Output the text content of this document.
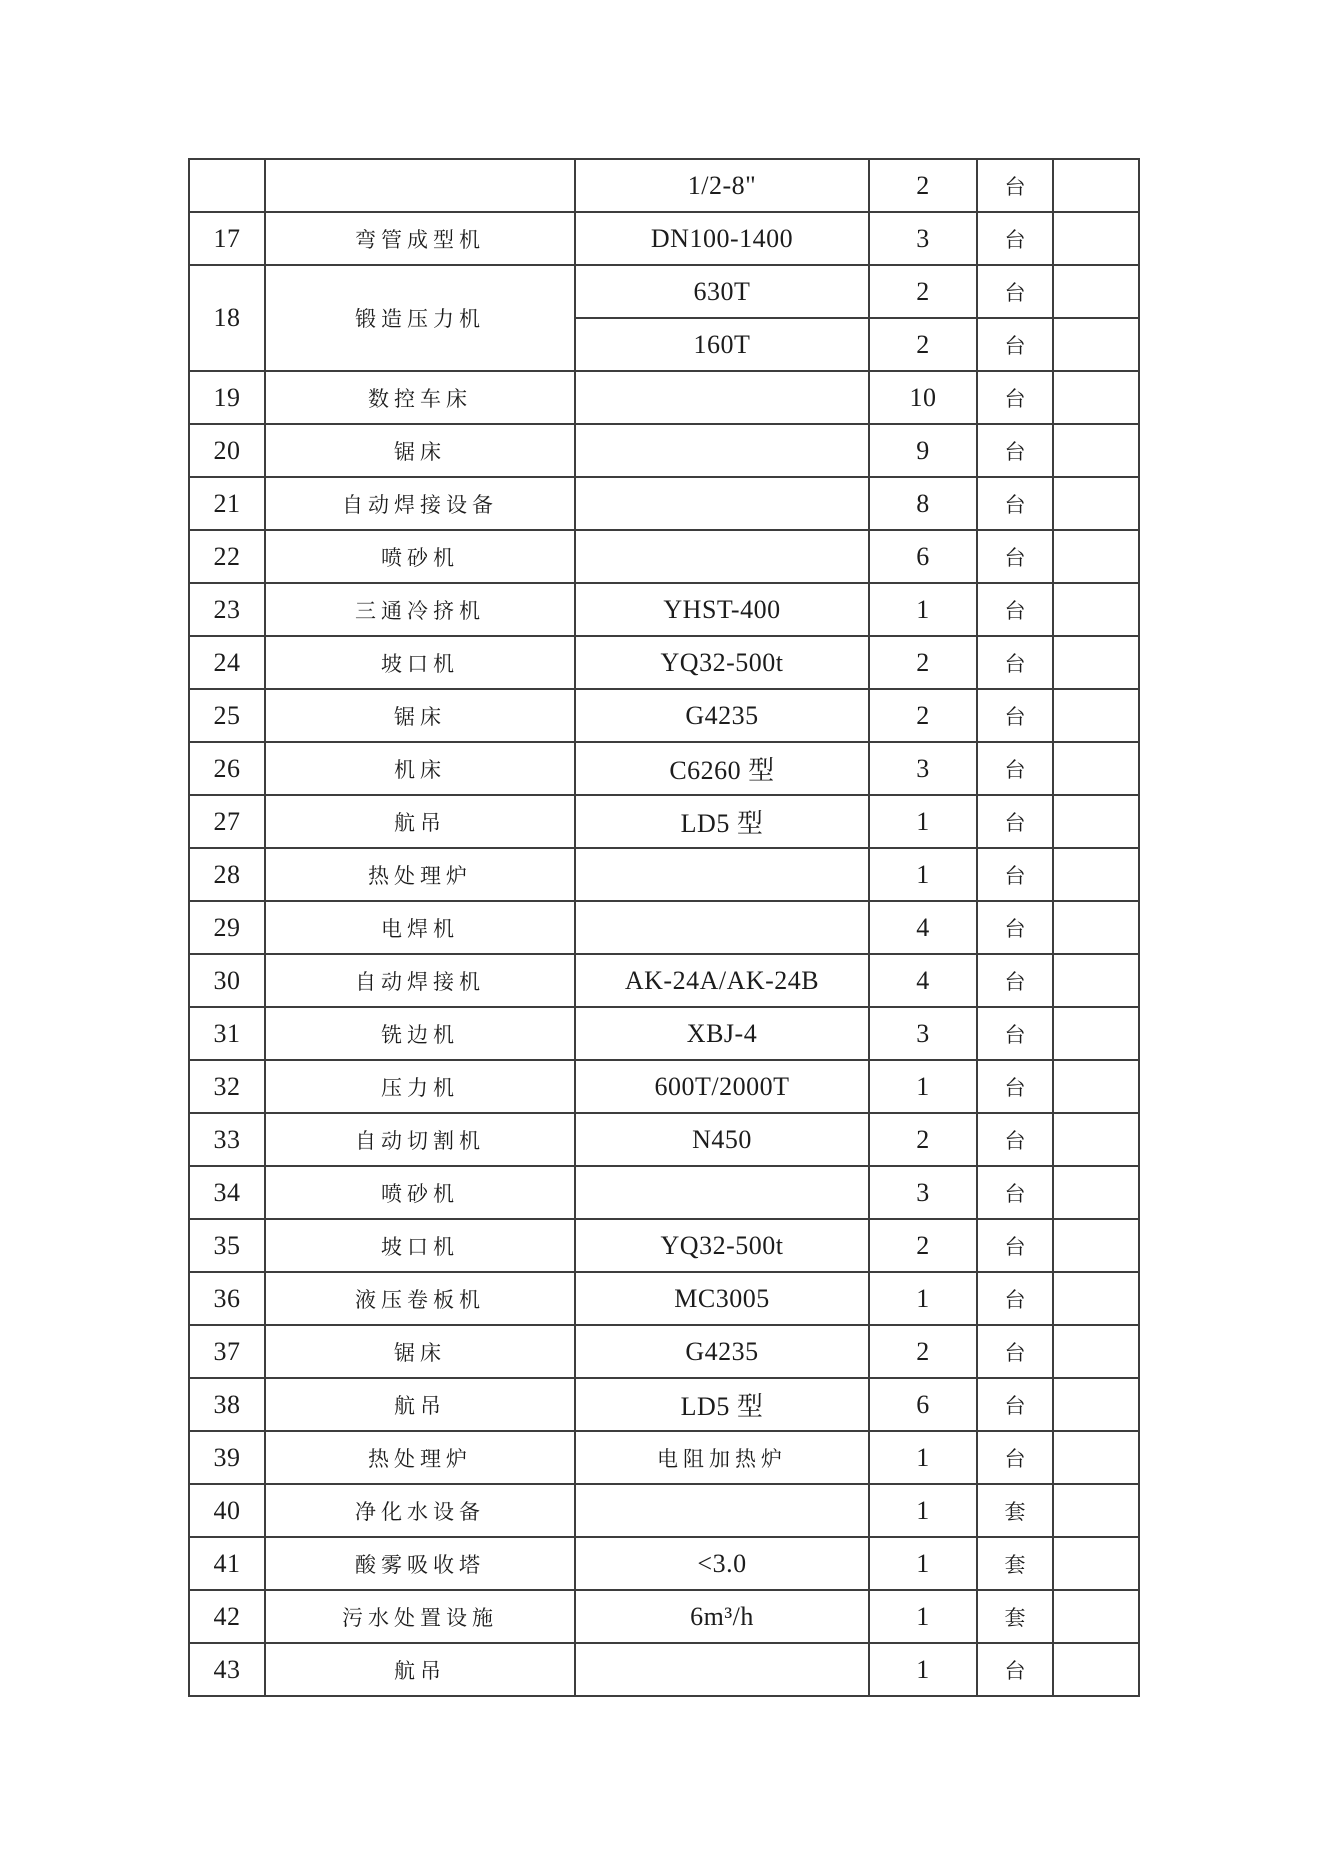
		1/2-8"	2	台	
17	弯管成型机	DN100-1400	3	台	
18	锻造压力机	630T	2	台	
		160T	2	台	
19	数控车床		10	台	
20	锯床		9	台	
21	自动焊接设备		8	台	
22	喷砂机		6	台	
23	三通冷挤机	YHST-400	1	台	
24	坡口机	YQ32-500t	2	台	
25	锯床	G4235	2	台	
26	机床	C6260 型	3	台	
27	航吊	LD5 型	1	台	
28	热处理炉		1	台	
29	电焊机		4	台	
30	自动焊接机	AK-24A/AK-24B	4	台	
31	铣边机	XBJ-4	3	台	
32	压力机	600T/2000T	1	台	
33	自动切割机	N450	2	台	
34	喷砂机		3	台	
35	坡口机	YQ32-500t	2	台	
36	液压卷板机	MC3005	1	台	
37	锯床	G4235	2	台	
38	航吊	LD5 型	6	台	
39	热处理炉	电阻加热炉	1	台	
40	净化水设备		1	套	
41	酸雾吸收塔	<3.0	1	套	
42	污水处置设施	6m³/h	1	套	
43	航吊		1	台	
